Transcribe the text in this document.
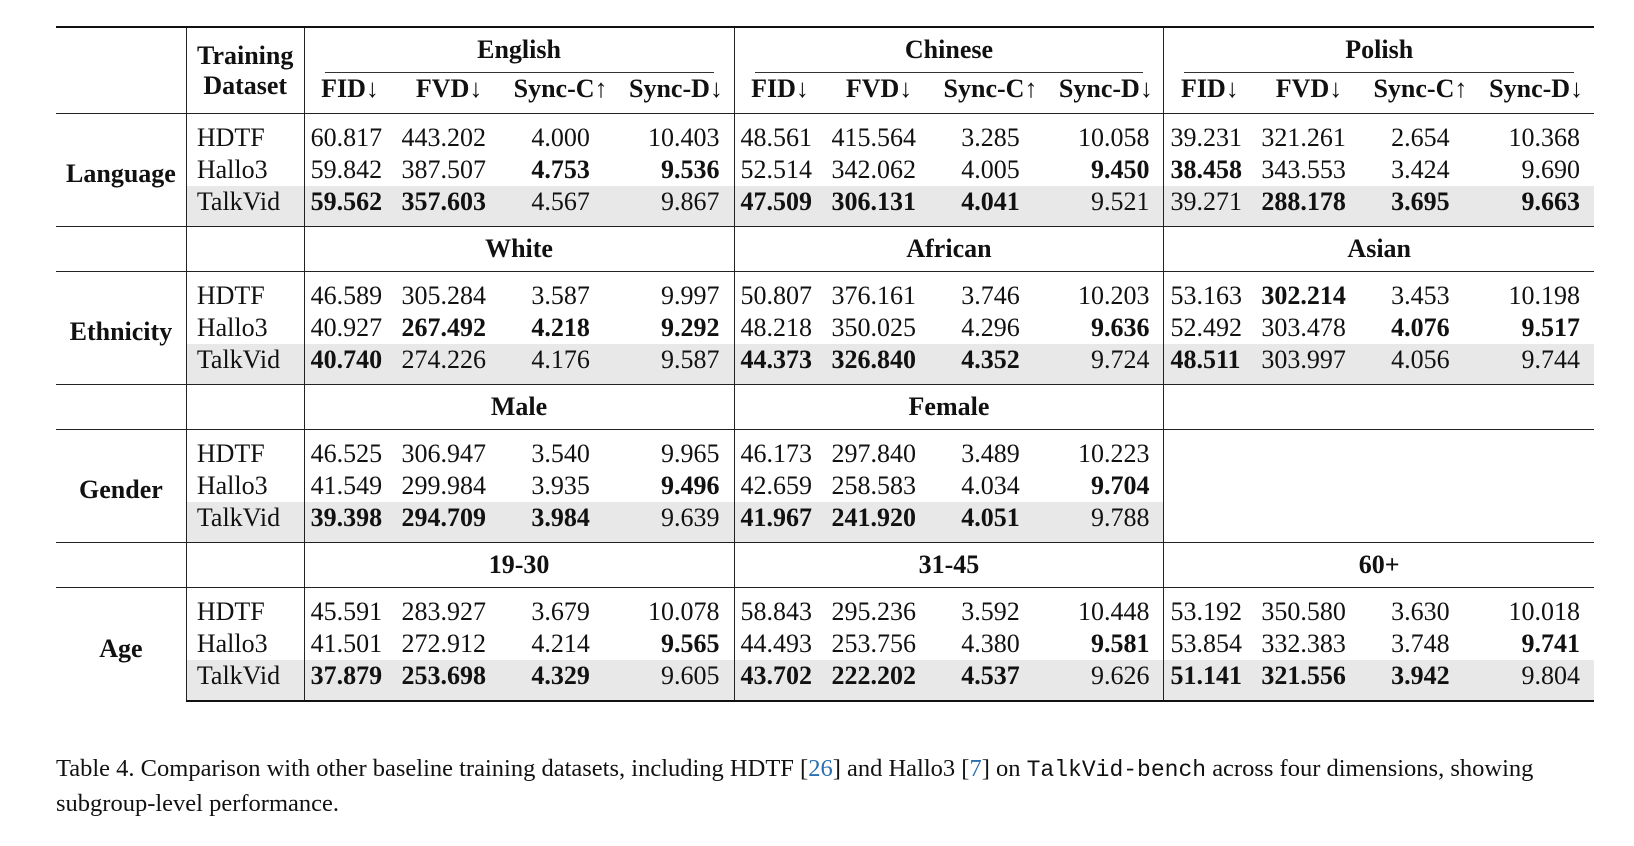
	Training
Dataset	English				Chinese				Polish			

		FID↓	FVD↓	Sync-C↑	Sync-D↓	FID↓	FVD↓	Sync-C↑	Sync-D↓	FID↓	FVD↓	Sync-C↑	Sync-D↓
Language	HDTF	60.817	443.202	4.000	10.403	48.561	415.564	3.285	10.058	39.231	321.261	2.654	10.368
	Hallo3	59.842	387.507	4.753	9.536	52.514	342.062	4.005	9.450	38.458	343.553	3.424	9.690
	TalkVid	59.562	357.603	4.567	9.867	47.509	306.131	4.041	9.521	39.271	288.178	3.695	9.663
		White				African				Asian			
Ethnicity	HDTF	46.589	305.284	3.587	9.997	50.807	376.161	3.746	10.203	53.163	302.214	3.453	10.198
	Hallo3	40.927	267.492	4.218	9.292	48.218	350.025	4.296	9.636	52.492	303.478	4.076	9.517
	TalkVid	40.740	274.226	4.176	9.587	44.373	326.840	4.352	9.724	48.511	303.997	4.056	9.744
		Male				Female							
Gender	HDTF	46.525	306.947	3.540	9.965	46.173	297.840	3.489	10.223				
	Hallo3	41.549	299.984	3.935	9.496	42.659	258.583	4.034	9.704				
	TalkVid	39.398	294.709	3.984	9.639	41.967	241.920	4.051	9.788				
		19-30				31-45				60+			
Age	HDTF	45.591	283.927	3.679	10.078	58.843	295.236	3.592	10.448	53.192	350.580	3.630	10.018
	Hallo3	41.501	272.912	4.214	9.565	44.493	253.756	4.380	9.581	53.854	332.383	3.748	9.741
	TalkVid	37.879	253.698	4.329	9.605	43.702	222.202	4.537	9.626	51.141	321.556	3.942	9.804
Table 4. Comparison with other baseline training datasets, including HDTF [26] and Hallo3 [7] on TalkVid-bench across four dimensions, showing subgroup-level performance.
